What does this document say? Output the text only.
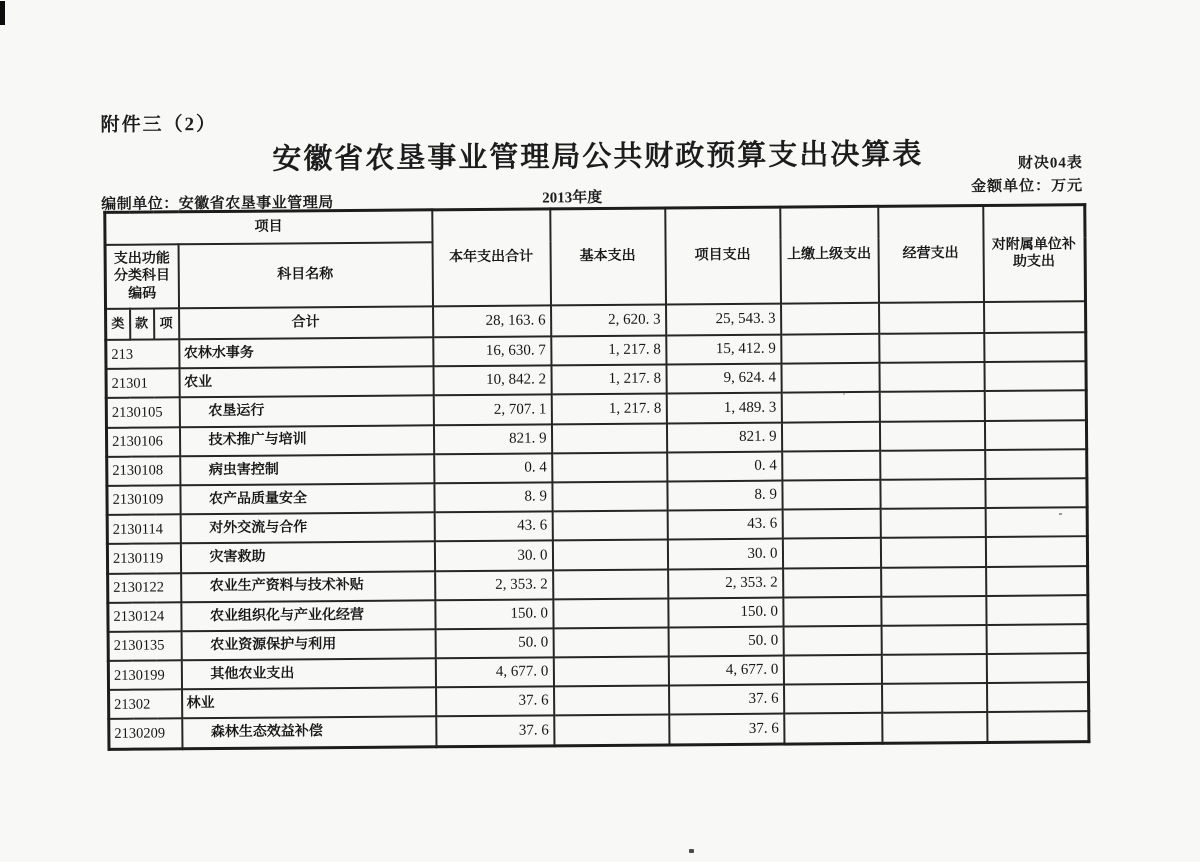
附件三（2）
安徽省农垦事业管理局公共财政预算支出决算表	财决04表
金额单位：万元
编制单位：安徽省农垦事业管理局	2013年度
项目				本年支出合计	基本支出	项目支出	上缴上级支出	经营支出	对附属单位补助支出
支出功能分类科目编码			科目名称						
类	款	项	合计	28, 163. 6	2, 620. 3	25, 543. 3			
213			农林水事务	16, 630. 7	1, 217. 8	15, 412. 9			
21301			农业	10, 842. 2	1, 217. 8	9, 624. 4			
2130105			农垦运行	2, 707. 1	1, 217. 8	1, 489. 3			
2130106			技术推广与培训	821. 9		821. 9			
2130108			病虫害控制	0. 4		0. 4			
2130109			农产品质量安全	8. 9		8. 9			
2130114			对外交流与合作	43. 6		43. 6			
2130119			灾害救助	30. 0		30. 0			
2130122			农业生产资料与技术补贴	2, 353. 2		2, 353. 2			
2130124			农业组织化与产业化经营	150. 0		150. 0			
2130135			农业资源保护与利用	50. 0		50. 0			
2130199			其他农业支出	4, 677. 0		4, 677. 0			
21302			林业	37. 6		37. 6			
2130209			森林生态效益补偿	37. 6		37. 6			
